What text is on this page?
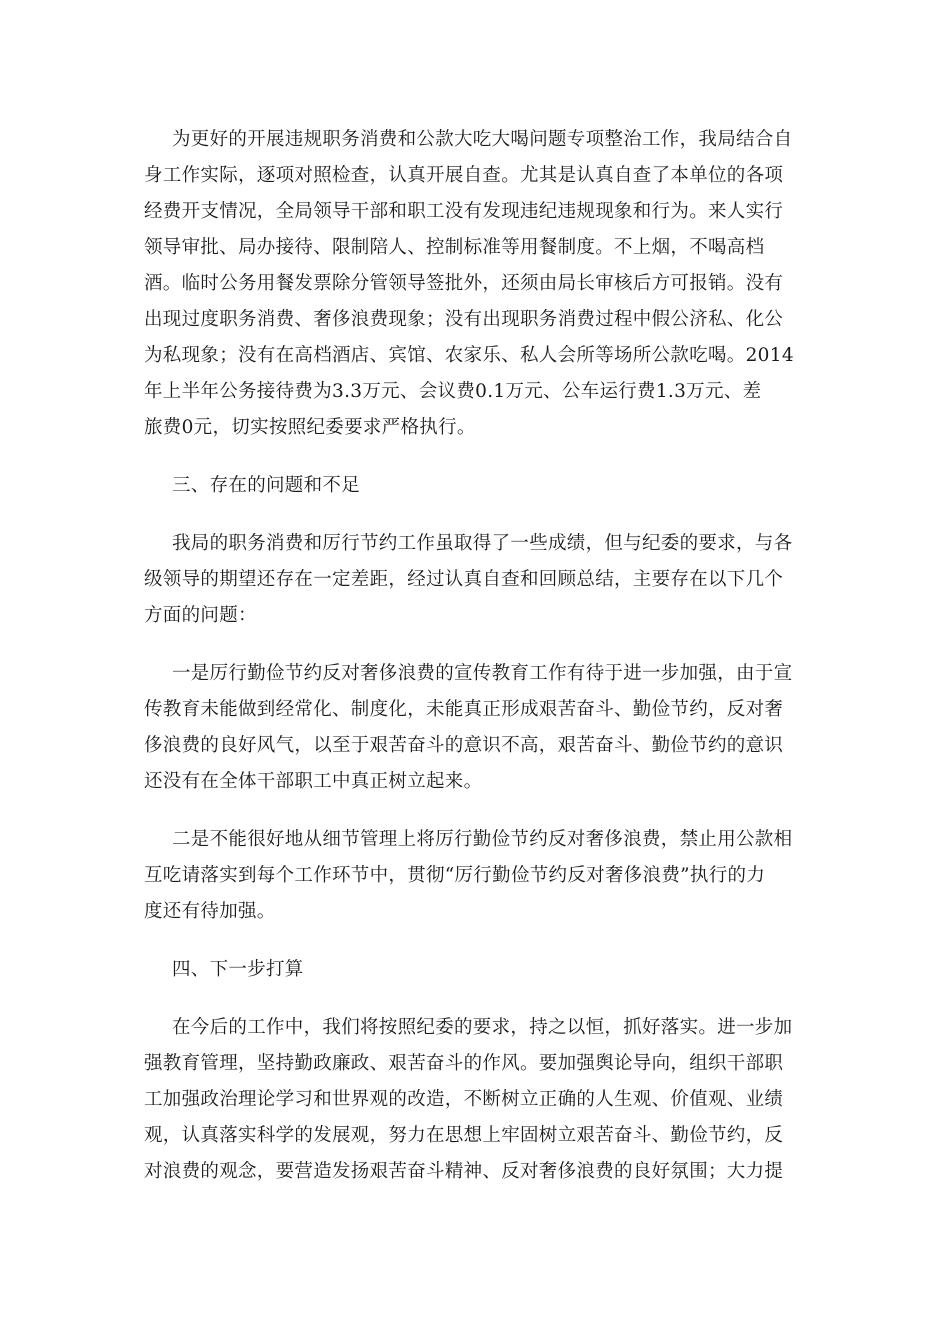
为更好的开展违规职务消费和公款大吃大喝问题专项整治工作，我局结合自
身工作实际，逐项对照检查，认真开展自查。尤其是认真自查了本单位的各项
经费开支情况，全局领导干部和职工没有发现违纪违规现象和行为。来人实行
领导审批、局办接待、限制陪人、控制标准等用餐制度。不上烟，不喝高档
酒。临时公务用餐发票除分管领导签批外，还须由局长审核后方可报销。没有
出现过度职务消费、奢侈浪费现象；没有出现职务消费过程中假公济私、化公
为私现象；没有在高档酒店、宾馆、农家乐、私人会所等场所公款吃喝。2014
年上半年公务接待费为3.3万元、会议费0.1万元、公车运行费1.3万元、差
旅费0元，切实按照纪委要求严格执行。
三、存在的问题和不足
我局的职务消费和厉行节约工作虽取得了一些成绩，但与纪委的要求，与各
级领导的期望还存在一定差距，经过认真自查和回顾总结，主要存在以下几个
方面的问题：
一是厉行勤俭节约反对奢侈浪费的宣传教育工作有待于进一步加强，由于宣
传教育未能做到经常化、制度化，未能真正形成艰苦奋斗、勤俭节约，反对奢
侈浪费的良好风气，以至于艰苦奋斗的意识不高，艰苦奋斗、勤俭节约的意识
还没有在全体干部职工中真正树立起来。
二是不能很好地从细节管理上将厉行勤俭节约反对奢侈浪费，禁止用公款相
互吃请落实到每个工作环节中，贯彻“厉行勤俭节约反对奢侈浪费”执行的力
度还有待加强。
四、下一步打算
在今后的工作中，我们将按照纪委的要求，持之以恒，抓好落实。进一步加
强教育管理，坚持勤政廉政、艰苦奋斗的作风。要加强舆论导向，组织干部职
工加强政治理论学习和世界观的改造，不断树立正确的人生观、价值观、业绩
观，认真落实科学的发展观，努力在思想上牢固树立艰苦奋斗、勤俭节约，反
对浪费的观念，要营造发扬艰苦奋斗精神、反对奢侈浪费的良好氛围；大力提
